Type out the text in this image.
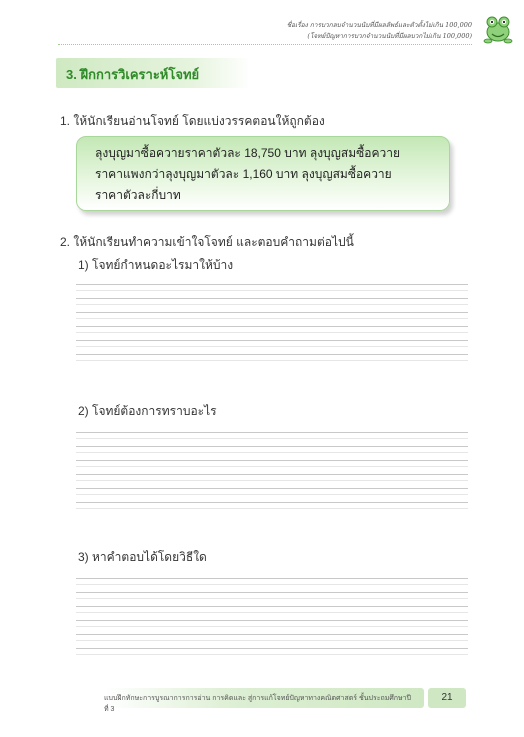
ชื่อเรื่อง การบวกลบจำนวนนับที่มีผลลัพธ์และตัวตั้งไม่เกิน 100,000
(โจทย์ปัญหาการบวกจำนวนนับที่มีผลบวกไม่เกิน 100,000)
3. ฝึกการวิเคราะห์โจทย์
1. ให้นักเรียนอ่านโจทย์ โดยแบ่งวรรคตอนให้ถูกต้อง
ลุงบุญมาซื้อควายราคาตัวละ 18,750 บาท ลุงบุญสมซื้อควาย
ราคาแพงกว่าลุงบุญมาตัวละ 1,160 บาท ลุงบุญสมซื้อควาย
ราคาตัวละกี่บาท
2. ให้นักเรียนทำความเข้าใจโจทย์ และตอบคำถามต่อไปนี้
1) โจทย์กำหนดอะไรมาให้บ้าง
2) โจทย์ต้องการทราบอะไร
3) หาคำตอบได้โดยวิธีใด
แบบฝึกทักษะการบูรณาการการอ่าน การคิดและ สู่การแก้โจทย์ปัญหาทางคณิตศาสตร์ ชั้นประถมศึกษาปีที่ 3
21
